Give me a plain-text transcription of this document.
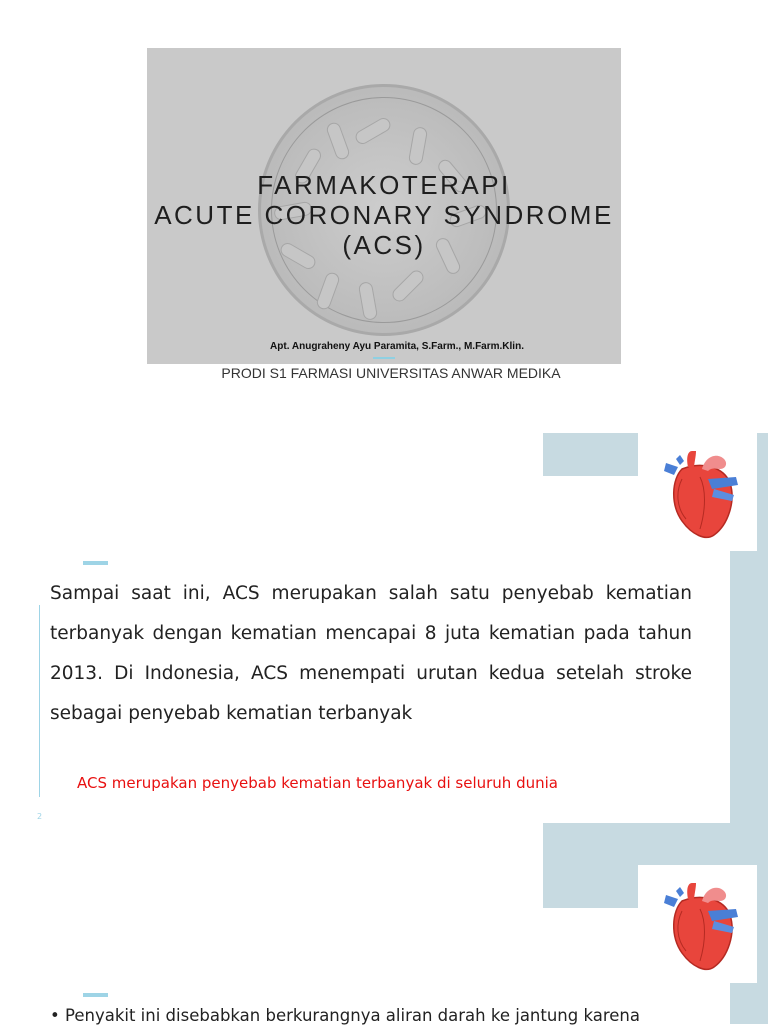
FARMAKOTERAPI
ACUTE CORONARY SYNDROME
(ACS)
Apt. Anugraheny Ayu Paramita, S.Farm., M.Farm.Klin.
PRODI S1 FARMASI UNIVERSITAS ANWAR MEDIKA
Sampai saat ini, ACS merupakan salah satu penyebab kematian terbanyak dengan kematian mencapai 8 juta kematian pada tahun 2013. Di Indonesia, ACS menempati urutan kedua setelah stroke sebagai penyebab kematian terbanyak
ACS merupakan penyebab kematian terbanyak di seluruh dunia
2
• Penyakit ini disebabkan berkurangnya aliran darah ke jantung karena
